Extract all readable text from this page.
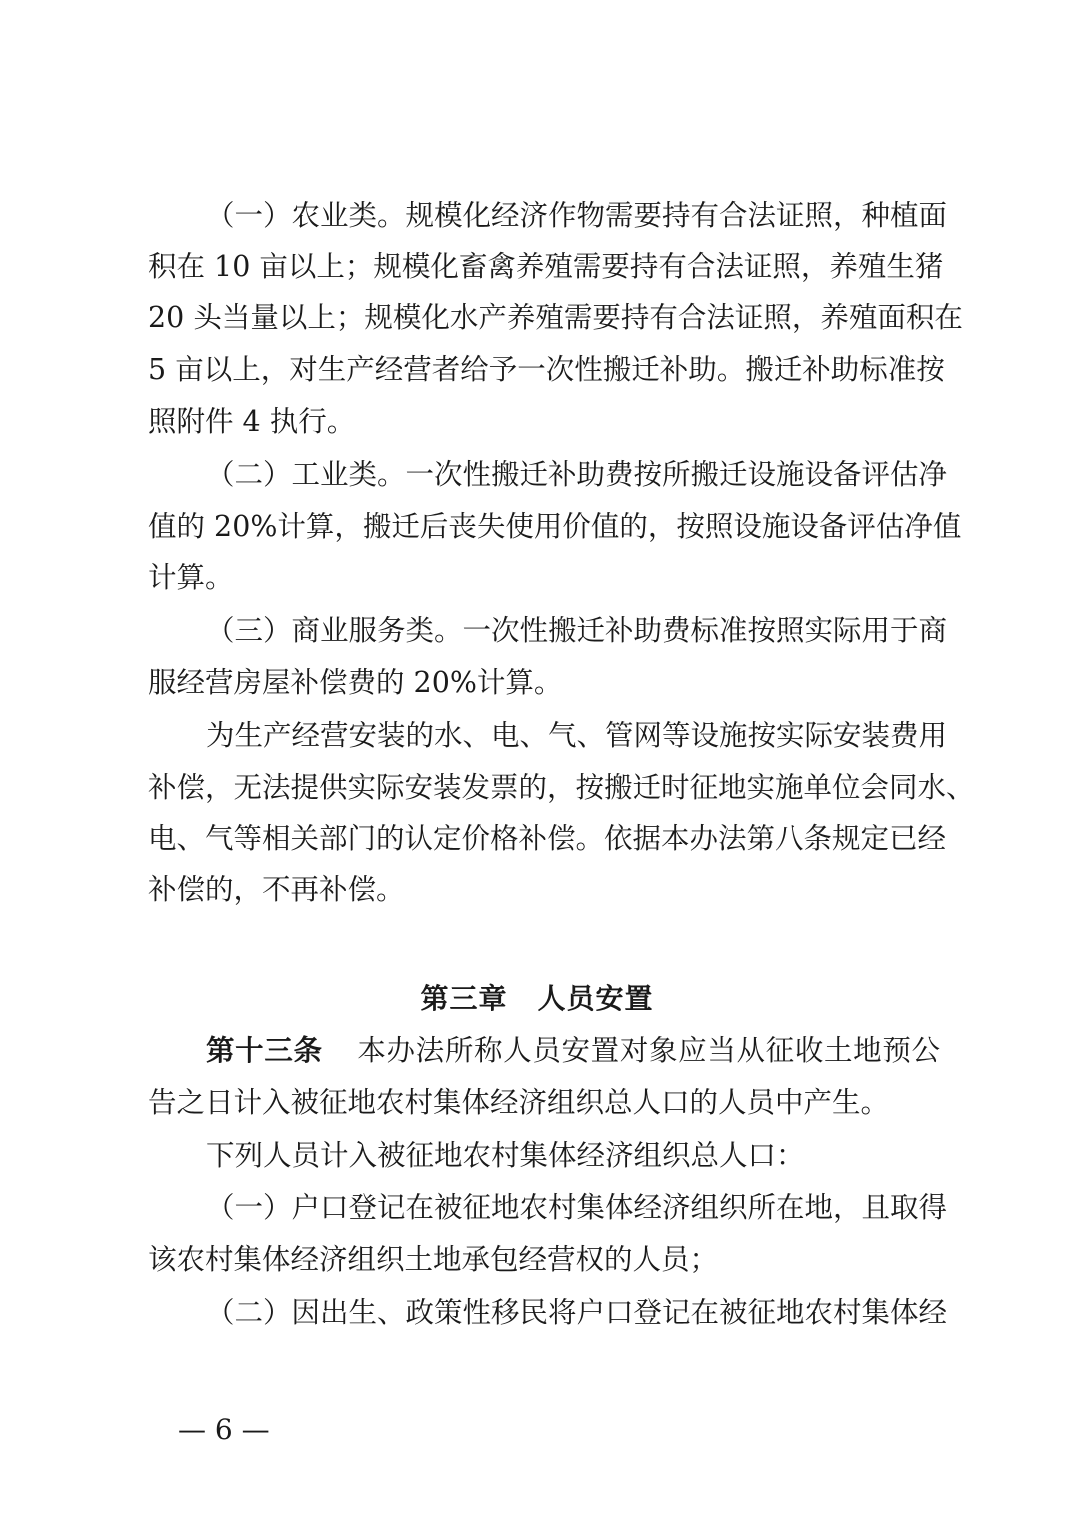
（一）农业类。规模化经济作物需要持有合法证照，种植面
积在 10 亩以上；规模化畜禽养殖需要持有合法证照，养殖生猪
20 头当量以上；规模化水产养殖需要持有合法证照，养殖面积在
5 亩以上，对生产经营者给予一次性搬迁补助。搬迁补助标准按
照附件 4 执行。
（二）工业类。一次性搬迁补助费按所搬迁设施设备评估净
值的 20%计算，搬迁后丧失使用价值的，按照设施设备评估净值
计算。
（三）商业服务类。一次性搬迁补助费标准按照实际用于商
服经营房屋补偿费的 20%计算。
为生产经营安装的水、电、气、管网等设施按实际安装费用
补偿，无法提供实际安装发票的，按搬迁时征地实施单位会同水、
电、气等相关部门的认定价格补偿。依据本办法第八条规定已经
补偿的，不再补偿。
第三章 人员安置
第十三条 本办法所称人员安置对象应当从征收土地预公
告之日计入被征地农村集体经济组织总人口的人员中产生。
下列人员计入被征地农村集体经济组织总人口：
（一）户口登记在被征地农村集体经济组织所在地，且取得
该农村集体经济组织土地承包经营权的人员；
（二）因出生、政策性移民将户口登记在被征地农村集体经
— 6 —
